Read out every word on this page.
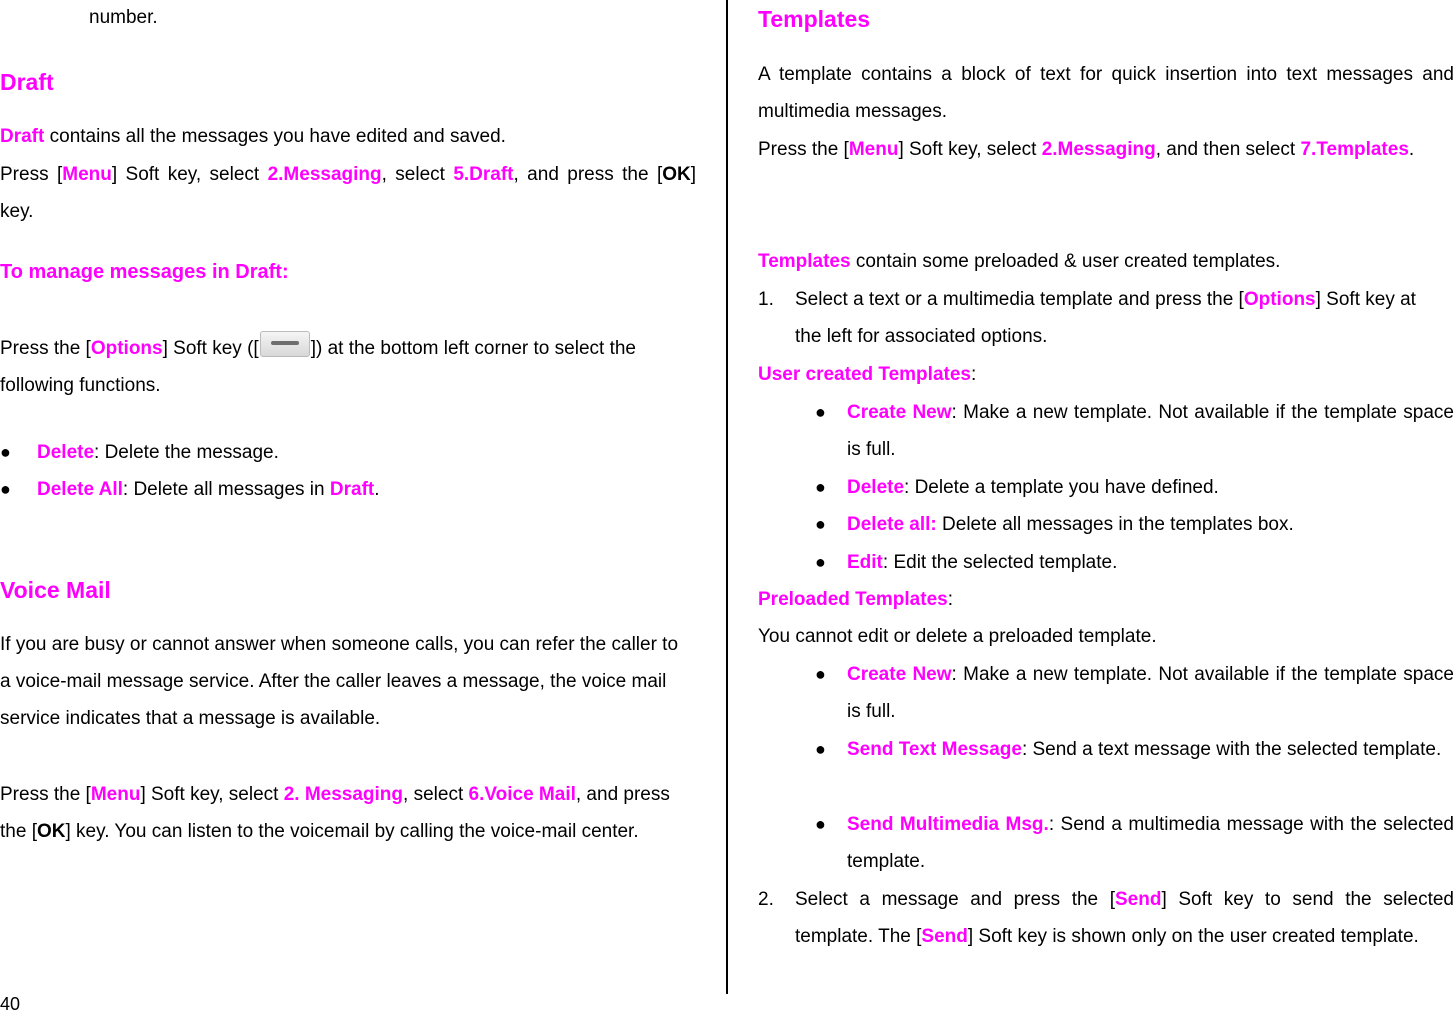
number.
Draft
Draft contains all the messages you have edited and saved.
Press [Menu] Soft key, select 2.Messaging, select 5.Draft, and press the [OK] key.
To manage messages in Draft:
Press the [Options] Soft key ([	]) at the bottom left corner to select the following functions.
● Delete: Delete the message.
● Delete All: Delete all messages in Draft.
Voice Mail
If you are busy or cannot answer when someone calls, you can refer the caller to a voice-mail message service. After the caller leaves a message, the voice mail service indicates that a message is available.
Press the [Menu] Soft key, select 2. Messaging, select 6.Voice Mail, and press the [OK] key. You can listen to the voicemail by calling the voice-mail center.
40
Templates
A template contains a block of text for quick insertion into text messages and multimedia messages.
Press the [Menu] Soft key, select 2.Messaging, and then select 7.Templates.
Templates contain some preloaded & user created templates.
1. Select a text or a multimedia template and press the [Options] Soft key at the left for associated options.
User created Templates:
● Create New: Make a new template. Not available if the template space is full.
● Delete: Delete a template you have defined.
● Delete all: Delete all messages in the templates box.
● Edit: Edit the selected template.
Preloaded Templates:
You cannot edit or delete a preloaded template.
● Create New: Make a new template. Not available if the template space is full.
● Send Text Message: Send a text message with the selected template.
● Send Multimedia Msg.: Send a multimedia message with the selected template.
2. Select a message and press the [Send] Soft key to send the selected template. The [Send] Soft key is shown only on the user created template.
